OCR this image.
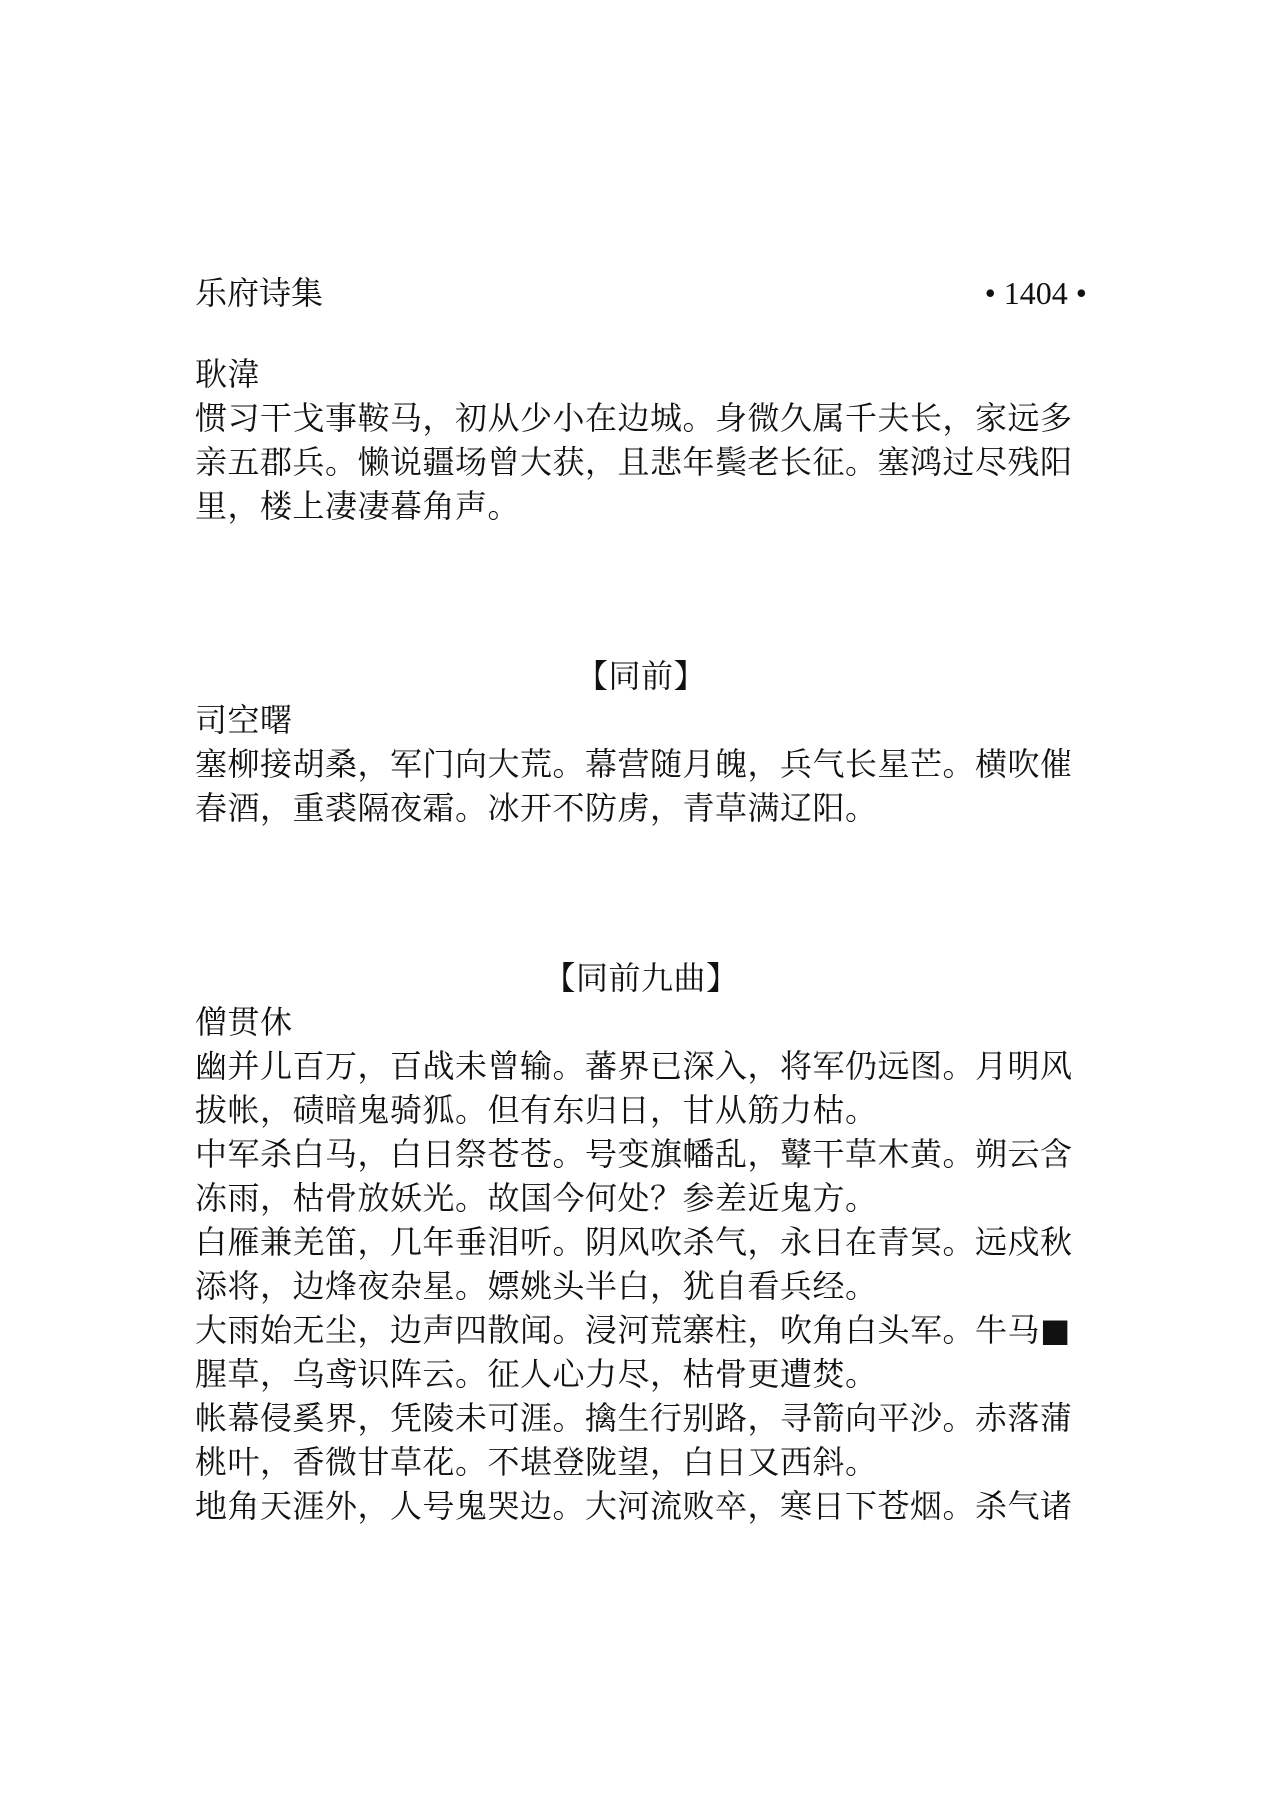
乐府诗集	• 1404 •
耿湋
惯习干戈事鞍马，初从少小在边城。身微久属千夫长，家远多
亲五郡兵。懒说疆场曾大获，且悲年鬓老长征。塞鸿过尽残阳
里，楼上凄凄暮角声。
【同前】
司空曙
塞柳接胡桑，军门向大荒。幕营随月魄，兵气长星芒。横吹催
春酒，重裘隔夜霜。冰开不防虏，青草满辽阳。
【同前九曲】
僧贯休
幽并儿百万，百战未曾输。蕃界已深入，将军仍远图。月明风
拔帐，碛暗鬼骑狐。但有东归日，甘从筋力枯。
中军杀白马，白日祭苍苍。号变旗幡乱，鼙干草木黄。朔云含
冻雨，枯骨放妖光。故国今何处？参差近鬼方。
白雁兼羌笛，几年垂泪听。阴风吹杀气，永日在青冥。远戍秋
添将，边烽夜杂星。嫖姚头半白，犹自看兵经。
大雨始无尘，边声四散闻。浸河荒寨柱，吹角白头军。牛马■
腥草，乌鸢识阵云。征人心力尽，枯骨更遭焚。
帐幕侵奚界，凭陵未可涯。擒生行别路，寻箭向平沙。赤落蒲
桃叶，香微甘草花。不堪登陇望，白日又西斜。
地角天涯外，人号鬼哭边。大河流败卒，寒日下苍烟。杀气诸
